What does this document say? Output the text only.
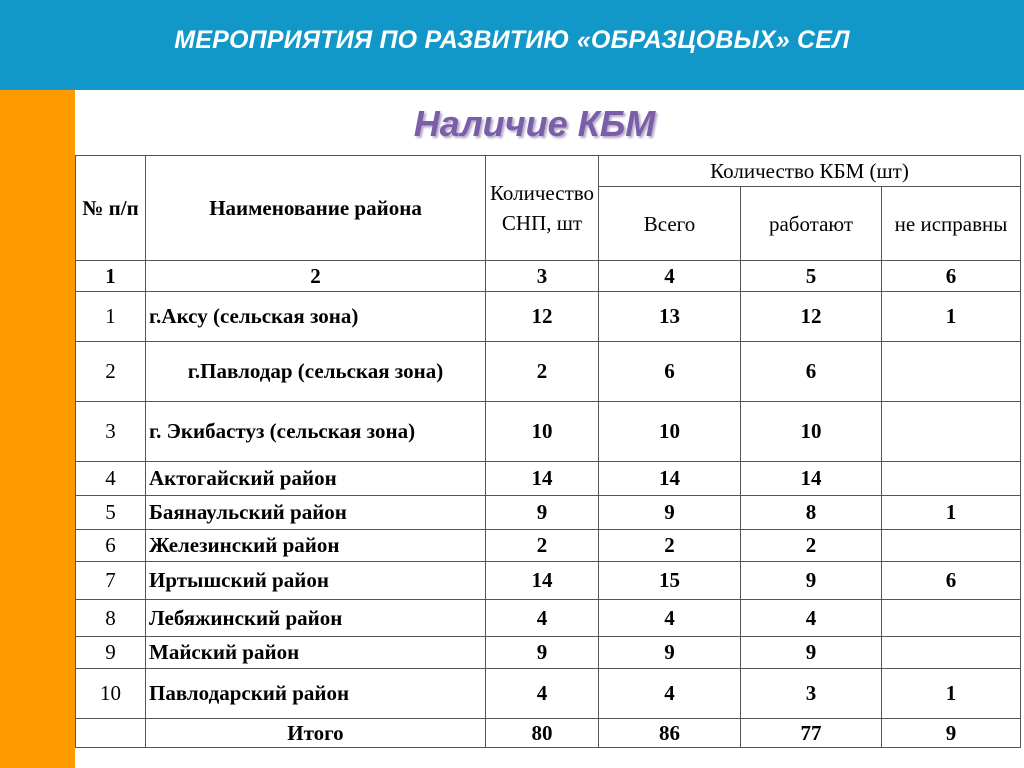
МЕРОПРИЯТИЯ ПО РАЗВИТИЮ «ОБРАЗЦОВЫХ» СЕЛ
Наличие КБМ
№ п/п	Наименование района	Количество СНП, шт	Количество КБМ (шт)		
			Всего	работают	не исправны
1	2	3	4	5	6
1	г.Аксу (сельская зона)	12	13	12	1
2	г.Павлодар (сельская зона)	2	6	6	
3	г. Экибастуз (сельская зона)	10	10	10	
4	Актогайский район	14	14	14	
5	Баянаульский район	9	9	8	1
6	Железинский район	2	2	2	
7	Иртышский район	14	15	9	6
8	Лебяжинский район	4	4	4	
9	Майский район	9	9	9	
10	Павлодарский район	4	4	3	1
	Итого	80	86	77	9
